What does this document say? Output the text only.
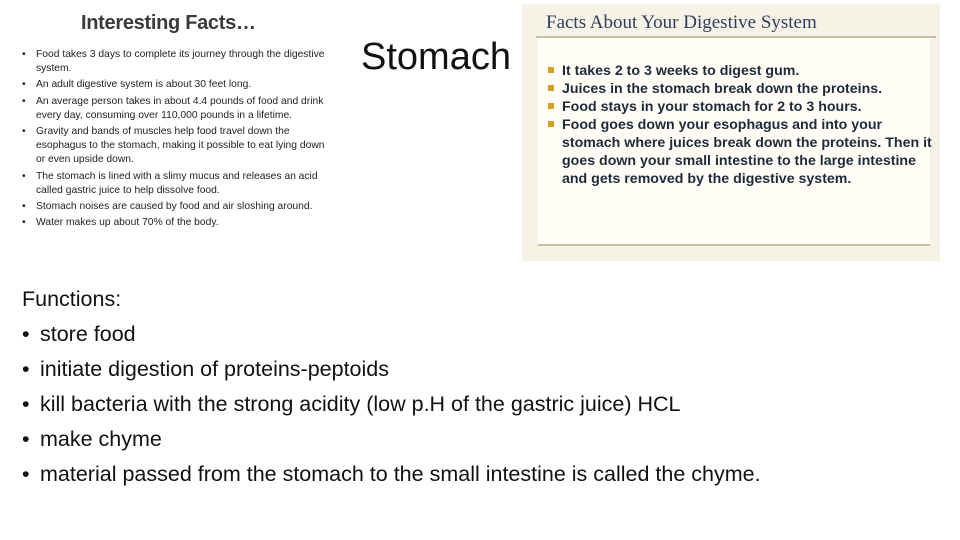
Interesting Facts…
• Food takes 3 days to complete its journey through the digestive system.
• An adult digestive system is about 30 feet long.
• An average person takes in about 4.4 pounds of food and drink every day, consuming over 110,000 pounds in a lifetime.
• Gravity and bands of muscles help food travel down the esophagus to the stomach, making it possible to eat lying down or even upside down.
• The stomach is lined with a slimy mucus and releases an acid called gastric juice to help dissolve food.
• Stomach noises are caused by food and air sloshing around.
• Water makes up about 70% of the body.
Stomach
Facts About Your Digestive System
It takes 2 to 3 weeks to digest gum.
Juices in the stomach break down the proteins.
Food stays in your stomach for 2 to 3 hours.
Food goes down your esophagus and into your stomach where juices break down the proteins. Then it goes down your small intestine to the large intestine and gets removed by the digestive system.
Functions:
• store food
• initiate digestion of proteins-peptoids
• kill bacteria with the strong acidity (low p.H of the gastric juice) HCL
• make chyme
• material passed from the stomach to the small intestine is called the chyme.
